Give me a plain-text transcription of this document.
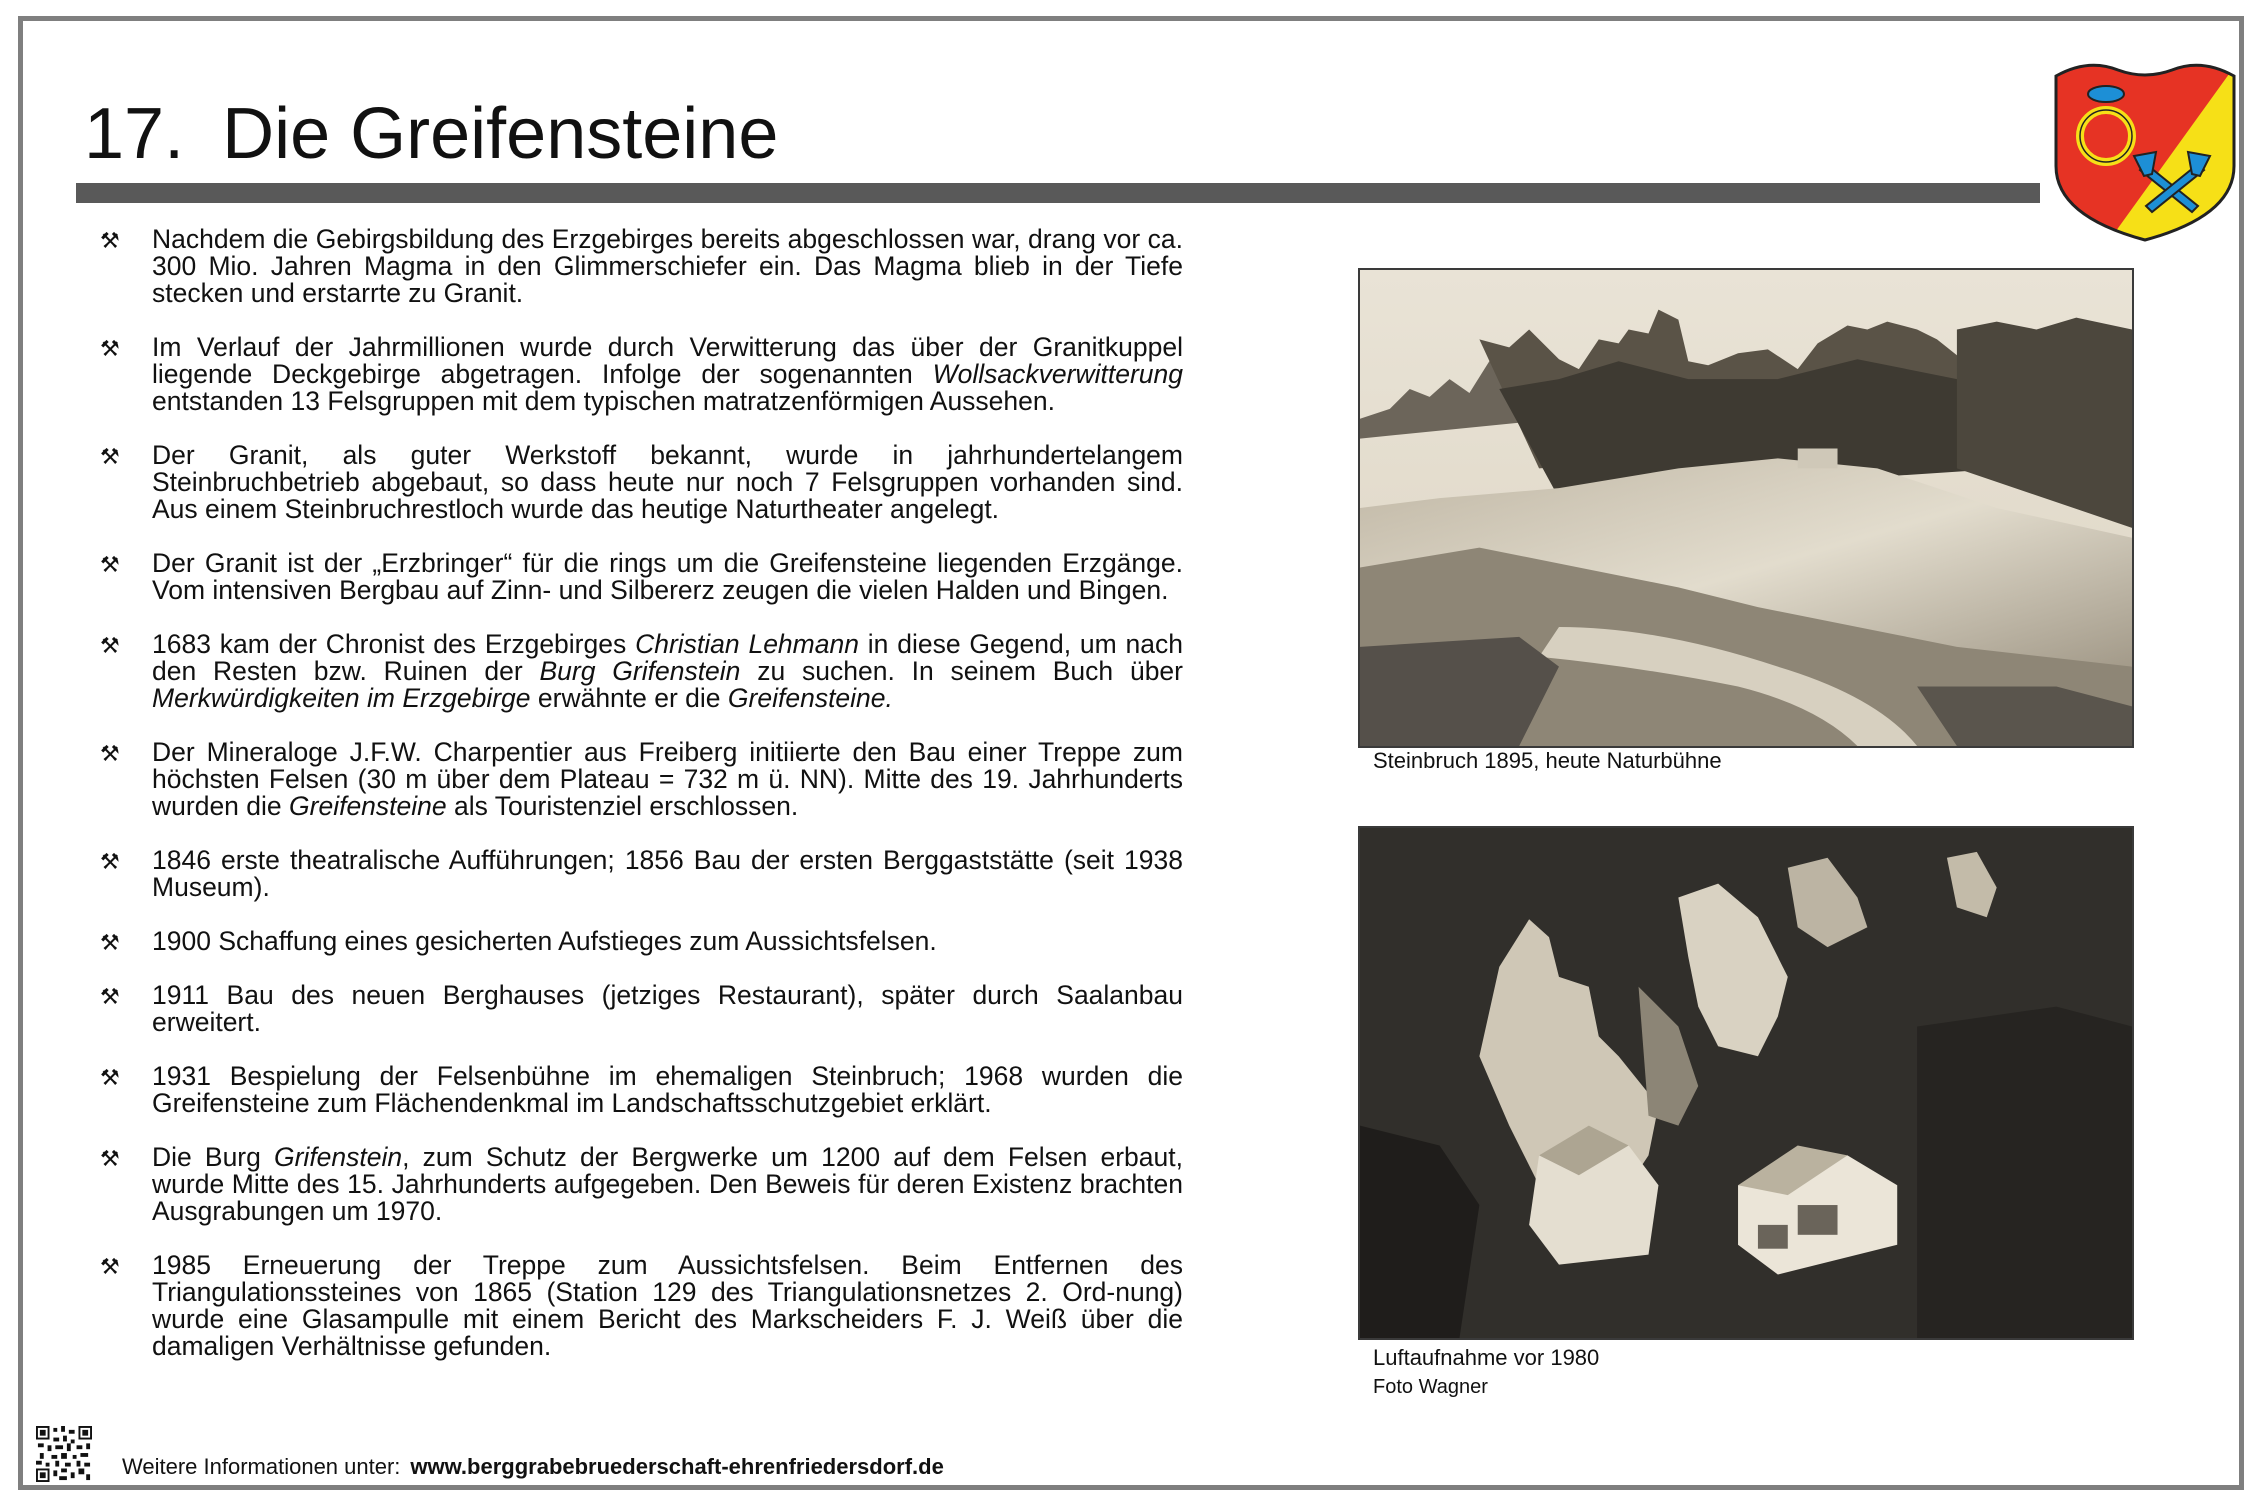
17. Die Greifensteine
⚒ Nachdem die Gebirgsbildung des Erzgebirges bereits abgeschlossen war, drang vor ca. 300 Mio. Jahren Magma in den Glimmerschiefer ein. Das Magma blieb in der Tiefe stecken und erstarrte zu Granit.
⚒ Im Verlauf der Jahrmillionen wurde durch Verwitterung das über der Granitkuppel liegende Deckgebirge abgetragen. Infolge der sogenannten Wollsackverwitterung entstanden 13 Felsgruppen mit dem typischen matratzenförmigen Aussehen.
⚒ Der Granit, als guter Werkstoff bekannt, wurde in jahrhundertelangem Steinbruchbetrieb abgebaut, so dass heute nur noch 7 Felsgruppen vorhanden sind. Aus einem Steinbruchrestloch wurde das heutige Naturtheater angelegt.
⚒ Der Granit ist der „Erzbringer“ für die rings um die Greifensteine liegenden Erzgänge. Vom intensiven Bergbau auf Zinn- und Silbererz zeugen die vielen Halden und Bingen.
⚒ 1683 kam der Chronist des Erzgebirges Christian Lehmann in diese Gegend, um nach den Resten bzw. Ruinen der Burg Grifenstein zu suchen. In seinem Buch über Merkwürdigkeiten im Erzgebirge erwähnte er die Greifensteine.
⚒ Der Mineraloge J.F.W. Charpentier aus Freiberg initiierte den Bau einer Treppe zum höchsten Felsen (30 m über dem Plateau = 732 m ü. NN). Mitte des 19. Jahrhunderts wurden die Greifensteine als Touristenziel erschlossen.
⚒ 1846 erste theatralische Aufführungen; 1856 Bau der ersten Berggaststätte (seit 1938 Museum).
⚒ 1900 Schaffung eines gesicherten Aufstieges zum Aussichtsfelsen.
⚒ 1911 Bau des neuen Berghauses (jetziges Restaurant), später durch Saalanbau erweitert.
⚒ 1931 Bespielung der Felsenbühne im ehemaligen Steinbruch; 1968 wurden die Greifensteine zum Flächendenkmal im Landschaftsschutzgebiet erklärt.
⚒ Die Burg Grifenstein, zum Schutz der Bergwerke um 1200 auf dem Felsen erbaut, wurde Mitte des 15. Jahrhunderts aufgegeben. Den Beweis für deren Existenz brachten Ausgrabungen um 1970.
⚒ 1985 Erneuerung der Treppe zum Aussichtsfelsen. Beim Entfernen des Triangulationssteines von 1865 (Station 129 des Triangulationsnetzes 2. Ord-nung) wurde eine Glasampulle mit einem Bericht des Markscheiders F. J. Weiß über die damaligen Verhältnisse gefunden.
Steinbruch 1895, heute Naturbühne
Luftaufnahme vor 1980
Foto Wagner
Weitere Informationen unter: www.berggrabebruederschaft-ehrenfriedersdorf.de
